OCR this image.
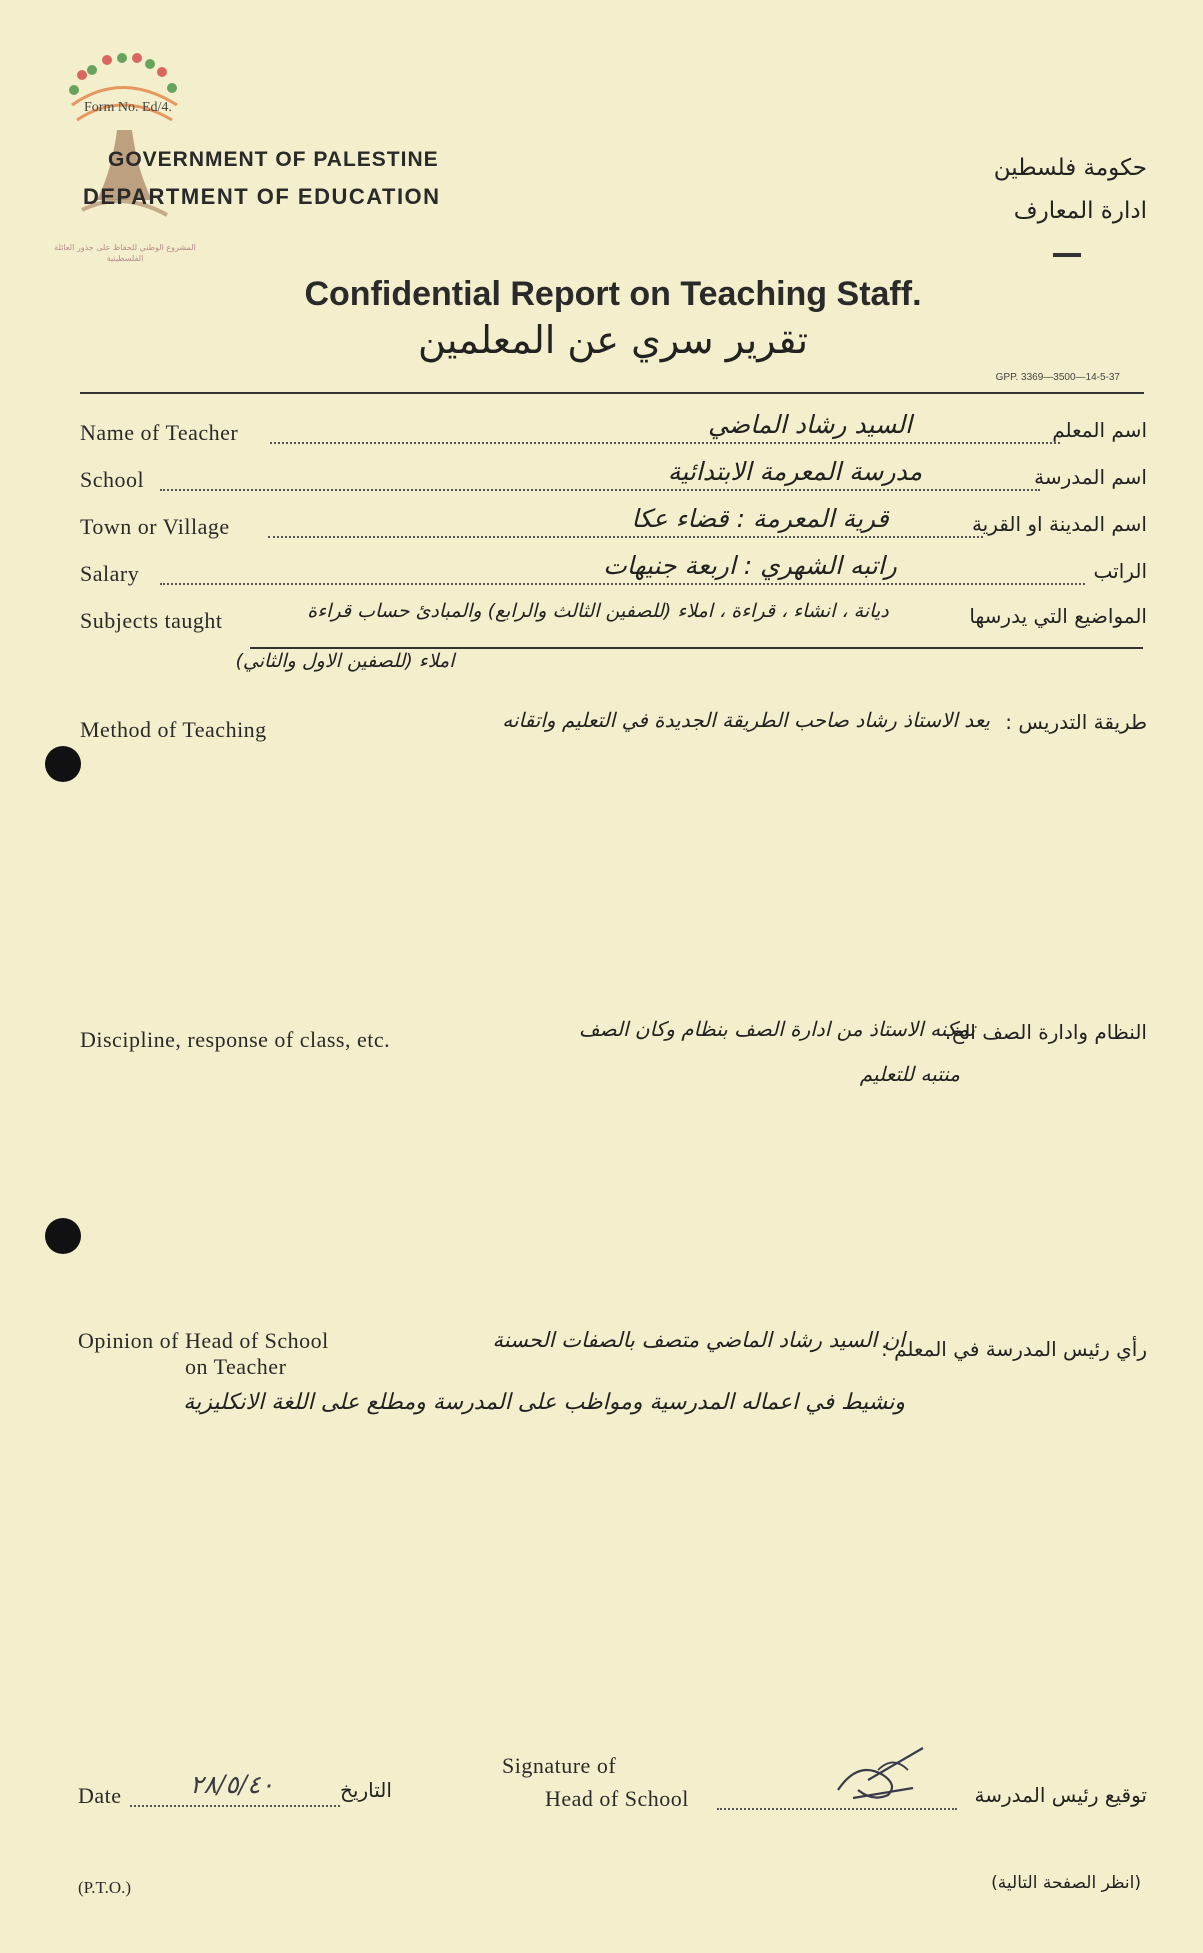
المشروع الوطني للحفاظ على جذور العائلة الفلسطينية
Form No. Ed/4.
GOVERNMENT OF PALESTINE
DEPARTMENT OF EDUCATION
حكومة فلسطين
ادارة المعارف
Confidential Report on Teaching Staff.
تقرير سري عن المعلمين
GPP. 3369—3500—14-5-37
Name of Teacher	السيد رشاد الماضي	اسم المعلم
School	مدرسة المعرمة الابتدائية	اسم المدرسة
Town or Village	قرية المعرمة : قضاء عكا	اسم المدينة او القرية
Salary	راتبه الشهري : اربعة جنيهات	الراتب
Subjects taught	ديانة ، انشاء ، قراءة ، املاء (للصفين الثالث والرابع) والمبادئ حساب قراءة	المواضيع التي يدرسها
املاء (للصفين الاول والثاني)
Method of Teaching	طريقة التدريس :
يعد الاستاذ رشاد صاحب الطريقة الجديدة في التعليم واتقانه
Discipline, response of class, etc.	النظام وادارة الصف الخ.
تمكنه الاستاذ من ادارة الصف بنظام وكان الصف
منتبه للتعليم
Opinion of Head of School
on Teacher
رأي رئيس المدرسة في المعلم :
ان السيد رشاد الماضي متصف بالصفات الحسنة
ونشيط في اعماله المدرسية ومواظب على المدرسة ومطلع على اللغة الانكليزية
Date	٢٨/٥/٤٠	التاريخ
Signature of
Head of School	توقيع رئيس المدرسة
(P.T.O.)	(انظر الصفحة التالية)
